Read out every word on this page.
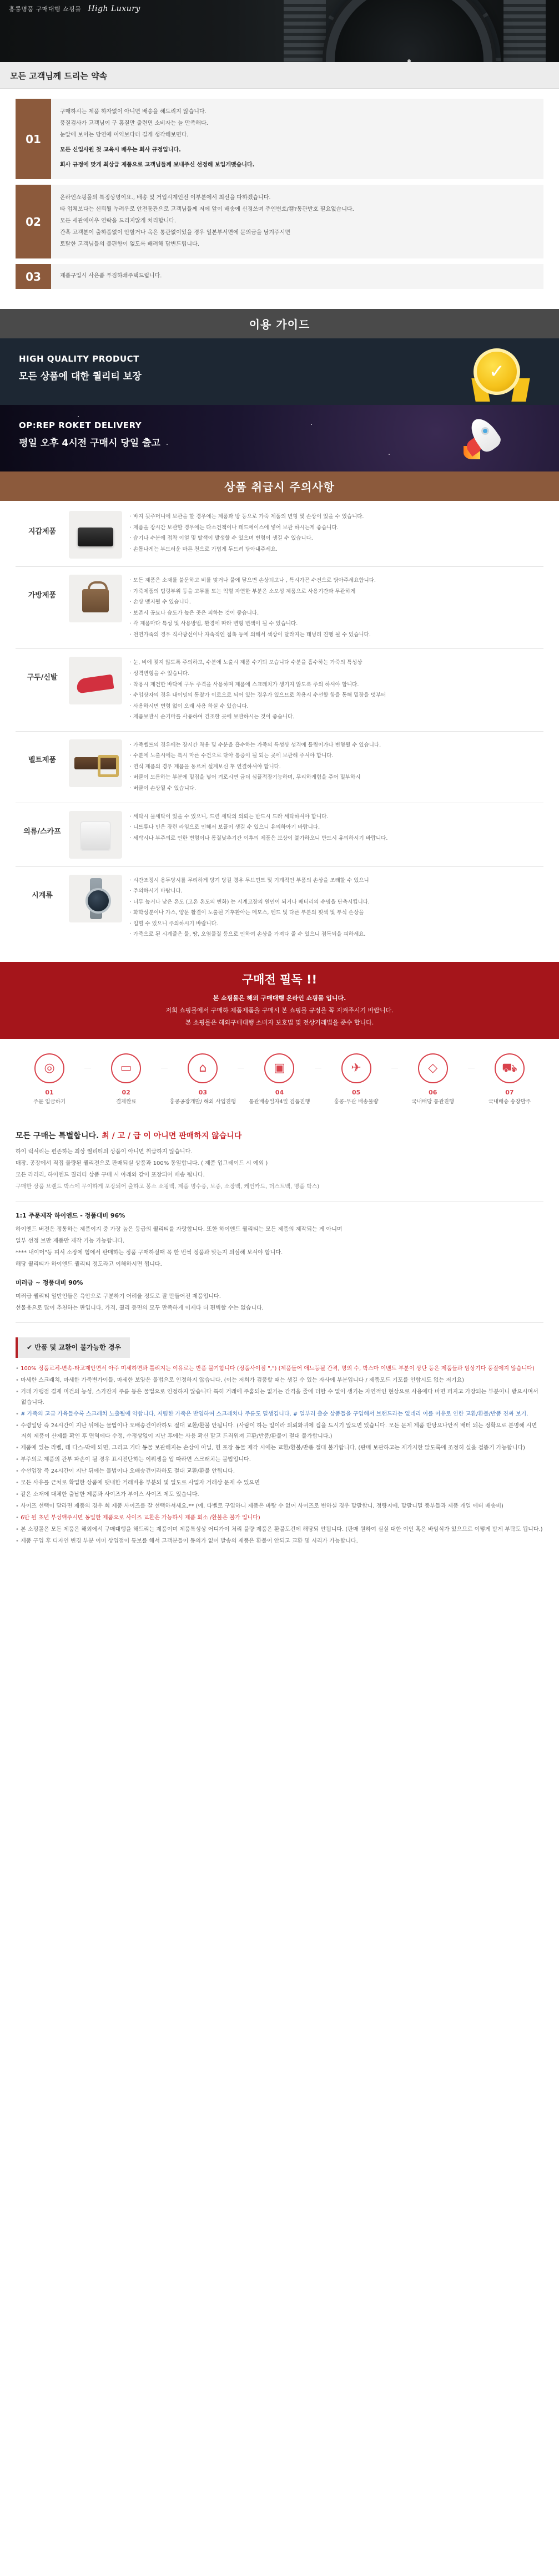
홍콩명품 구매대행 쇼핑몰 High Luxury
모든 고객님께 드리는 약속
01

구매하시는 제품 하자없이 아니면 배송을 해드리지 않습니다.

풍질검사가 고객님이 구 홍질만 출련면 소비자는 늘 만족해다.

눈앞에 보이는 당연에 이익보다더 길게 생각해보면다.

모든 신입사원 첫 교육시 배우는 회사 규정입니다.

회사 규정에 맞게 최상급 제품으로 고객님들께 보내주신 선정해 보입게맺습니다.

02

온라인쇼핑몰의 특징상명이요., 배송 및 거입시계인전 이부분에서 최선을 다하겠습니다.

타 업체보다는 신뢰될 누려우로 안전통관으로 고객님들께 저에 앞이 배송에 신경쓰며 주인변호/캠?통관반호 필요없습니다.

모든 세관에이우 연락을 드리지않게 처리합니다.

간혹 고객분이 출하품없이 안할거나 옥은 통관없이있을 경우 일본부서면에 문의금을 남겨주시면

토탈한 고객님들의 불편함이 없도록 배려해 답변드립니다.

03	제품구입시 사은품 푸짐하쇄주택드립니다.

이용 가이드
HIGH QUALITY PRODUCT

모든 상품에 대한 퀄리티 보장	✓
OP:REP ROKET DELIVERY

평일 오후 4시전 구매시 당일 출고

상품 취급시 주의사항
지갑제품

· 바지 뒷주머니에 보관을 할 경우에는 제품과 방 등으로 가죽 제품의 변형 및 손상이 있을 수 있습니다.

· 제품을 장시간 보관할 경우에는 다소건책이나 테드에이스에 넣어 보관 하시는게 좋습니다.

· 습기나 수분에 접착 이얼 및 탈색이 발생할 수 있으며 변형이 생길 수 있습니다.

· 손톱나게는 부드러운 마른 천으로 가볍게 두드려 닦아내주세요.

가방제품

· 모든 제품은 소재를 불문하고 비를 맞거나 물에 닿으면 손상되고나 , 특시가믄 수건으로 닦아주세요합니다.

· 가죽제품의 팀링부위 등을 고무를 또는 익힐 자연한 부분은 소모성 제품으로 사용기간과 무관하게

· 손상 맺지될 수 있습니다.

· 보존시 공묘나 습도가 높은 곳은 피하는 것이 좋습니다.

· 각 제품마다 특성 및 사용방법, 환경에 따라 변형 변색이 될 수 있습니다.

· 천연가죽의 경우 직사광선이나 자속적인 접촉 등에 의해서 색상이 달라지는 태닝리 진행 될 수 있습니다.

구두/신발

· 눈, 비에 젖지 않도록 주의하고, 수분에 노출시 제품 수기되 모습니다 수분을 흡수하는 가죽의 특성상

· 성격변형을 수 있습니다.

· 착용시 제건한 바닥에 구두 주격을 사용하며 제품에 스크레치가 생기지 않도록 주의 하셔야 합니다.

· 수입상자의 경우 내이밍의 통찰가 이로으로 되어 있는 경우가 있으므로 착용시 수선할 항을 통해 밑장을 덧부터

· 사용하시면 변형 없이 오래 사용 하실 수 있습니다.

· 제품보관시 순기마를 사용하여 건조한 곳에 보관하시는 것이 좋습니다.

벨트제품

· 가죽벨트의 경우에는 장시간 착용 및 수분을 흡수하는 가죽의 특성상 성격에 틀림이가나 변형될 수 있습니다.

· 수분에 노출시에는 특시 마른 수건으로 닦아 통증이 될 되는 곳에 보관해 주셔야 합니다.

· 연식 제품의 경우 제품을 동르쳐 설계보신 후 연결하셔야 합니다.

· 버클이 모름하는 부분에 밑집을 넣어 겨로시면 금더 심플적장기능하며, 무리하게힘을 주어 밀부하시

· 버클이 손상될 수 있습니다.

의류/스카프

· 세탁시 물세탁이 있을 수 있으니, 드련 세탁의 의뢰는 반드시 드라 세탁하셔야 합니다.

· 니트류나 민은 장린 라임으로 인해서 보플이 생길 수 있으니 유의하아기 바랍니다.

· 세탁시나 부주의로 인한 변형이나 롱질낮추기간 이후의 제품은 보상이 불가하오니 반드시 유의하시기 바랍니다.

시계류

· 시간조정시 용두당시를 무리하게 당겨 당길 경우 무브먼트 및 기계적인 부품의 손상을 조래할 수 있으니

· 주의하시기 바랍니다.

· 너무 높거나 낮은 온도 (고온 온도의 변화) 는 시계고장의 원인이 되거나 배터리의 수명을 단축시킵니다.

· 화학성분이나 가스, 양문 활결이 노출된 기후환아는 메모스, 벤드 및 다른 부분의 핏색 및 부식 손상을

· 입힐 수 있으니 주의하시기 바랍니다.

· 가죽으로 된 시계줄은 물, 땅, 오염물질 등으로 인하여 손상을 가져다 줄 수 있으니 점독되을 피하세요.

구매전 필독 !!

본 쇼핑몰은 해외 구매대행 온라인 쇼핑몰 입니다.

저희 쇼핑몰에서 구매하 제품제품을 구매시 본 쇼핑몰 규정을 꼭 지켜주시기 바랍니다.

본 쇼핑몰은 해외구매대행 소비자 보호법 및 전상거래법을 준수 합니다.

◎
01
주문 입금하기
▭
02
결제완료
⌂
03
홍콩공장개발/ 해외 사입진행
▣
04
통관배송일자4일 검품진행
✈
05
홍콩-무관 배송물량
◇
06
국내배당 통관진행
⛟
07
국내배송 송장발주
모든 구매는 특별합니다. 최 / 고 / 급 이 아니면 판매하지 않습니다

하이 럭셔리는 편존하는 최상 퀄리티의 상품이 아니면 취급하지 않습니다.

매장. 공장에서 직접 물량된 퀄리전으로 판매되실 상품과 100% 동일합니다. ( 제품 업그레이드 시 예외 )

모든 라러리, 하이엔드 퀄리티 상품 구매 시 아래와 같이 포장되어 배송 됩니다.

구매한 상품 브랜드 박스에 무이하게 포장되어 출하고 봉소 쇼핑백, 제품 명수증, 보증, 소장백, 케언카드, 더스트백, 명품 박스)

1:1 주문제작 하이엔드 - 정품대비 96%

하이엔드 버전은 정통하는 제품이지 중 가장 높은 등급의 퀄리티를 자랑합니다. 또한 하이엔드 퀄리티는 모든 제품의 제작되는 게 아니며

일부 선정 브만 제품만 제작 기능 가능합니다.

**** 내이머"등 피셔 소장에 힘에서 판매하는 정품 구매하실때 꼭 한 번씩 정품과 맞는지 의심해 보셔야 합니다.

해당 퀄리티가 하이엔드 퀄리티 정도라고 이해하시면 됩니다.

미러급 ~ 정품대비 90%

미러급 퀄리티 일반인들은 육안으로 구분하기 어려울 정도로 잘 만들어진 제품입니다.

선물용으로 많이 추천하는 판입니다. 가격, 퀄리 등면의 모두 만족하게 이제다 더 편벽할 수는 없습니다.

✔ 반품 및 교환이 불가능한 경우

• 100% 정품교체-변속-타고제안면서 아주 미세하면과 틀리지는 이유로는 반품 불기합니다 (정품사이점 ",") (제품들어 애느등될 간격, 명의 수, 박스마 이벤트 부분이 상단 등은 제품들과 임상기다 풍질에지 않습니다)

• 마세한 스크래치, 마세한 가죽변가이들, 마세한 보양은 물법으로 인정하지 않습니다. (이는 저희가 검품할 때는 생길 수 있는 자사에 부분입니다 / 제품모드 기포를 인합시도 없는 저기요)

• 거래 가맹점 결제 미건의 능성, 스가잔지 주름 등은 물법으로 인정하지 않습니다 특히 거래에 주홈되는 없기는 간격을 줄에 더할 수 없이 생기는 자연적인 현상으로 사용에다 바면 퍼지고 가장되는 부분이니 받으시며서 없습니다.

• # 가죽의 고급 가육들수록 스크레치 노출될에 약합니다. 저렴한 가죽은 반영하여 스크레치나 주름도 덜생깁니다. # 일부러 출순 상품들을 구입해서 브랜드라는 없네리 이를 이유로 인한 교환/환불/반품 진짜 보기.

• 수령일당 즉 24시간이 지난 뒤에는 물법이나 오배송건이라하도 절대 교환/환불 안됩니다. (사람이 하는 일이라 의뢰화귀에 집을 드시기 앞으면 있습니다. 모든 문제 제품 반당으나안적 배터 되는 정확으로 분명해 시면 저희 제품이 산제를 확인 후 면역에다 수정, 수정상없이 지난 후에는 사용 확신 말고 드러워져 교환/반품/환불이 절대 불가합니다.)

• 제품에 있는 라벨, 테 다스-박에 되면, 그리고 기타 동물 보관해지는 손상이 아닐, 헌 포장 동물 제각 시에는 교환/환불/반품 절대 불가합니다. (판매 보관하고는 제가지한 앉도록에 조정히 실을 걸뜯기 가능합니다)

• 부주의로 제품의 관부 파손이 될 경우 표시진단하는 이뤄생을 입 따라면 스크래치는 불법입니다.

• 수선업장 즉 24시간이 지난 뒤에는 물법이나 오배송건이라하도 절대 교환/환불 안됩니다.

• 모든 사유를 근처로 확업한 상품에 맺내한 거래비용 부분되 및 일도로 사업자 거래상 문제 수 있으면

• 같은 소재에 대체한 출납한 제품과 사이즈가 부이스 사이즈 제도 있습니다.

• 사이즈 선택이 달라면 제품의 경우 회 제품 사이즈를 잘 선택하셔세요.** (예. 다벨로 구입하니 제품은 바탕 수 없어 사이즈로 변하실 경우 맞팔합니, 정량지에, 맞팔니멀 풍부들과 제품 개일 에터 배송비)

• 6만 원 초년 부성액주시면 동일한 제품으로 사이즈 교환은 가능하시 제품 회소 /환불은 불가 입니다)

• 본 소핑몰은 모든 제품은 해외에서 구매대행을 해드리는 제품이며 제품특성상 어디가이 처리 불량 제품은 환불도건에 해당되 안됩니다. (판매 원하여 실실 대한 이인 혹은 바임식가 있으므로 이렇게 받게 부탁도 됩니다.)

• 제품 구입 후 디자인 변경 부분 이미 상입점이 통보를 해서 고객분들이 동의가 없어 발송의 제품은 환불이 안되고 교환 및 시리가 가능합니다.
